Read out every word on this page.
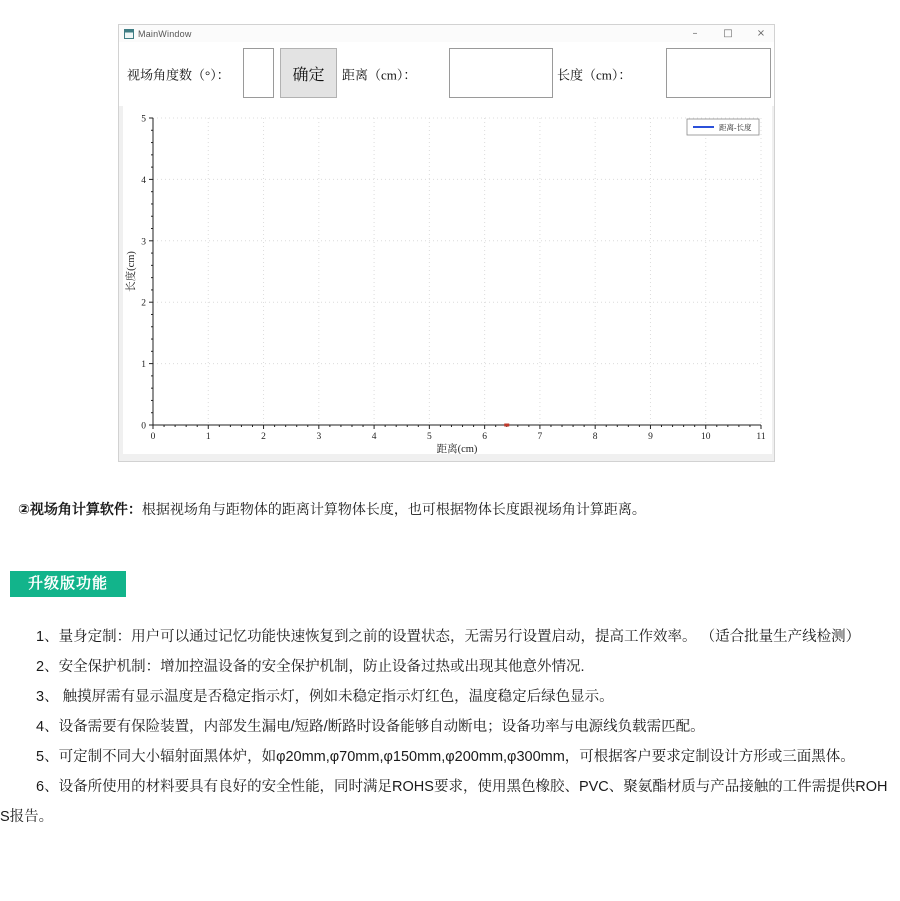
MainWindow	–	□ ×
视场角度数（°）：	确定	距离（cm）：	长度（cm）：
0	1	2	3	4	5	6	7	8	9	10	11
0
1
2
3
4
5
距离(cm)
长度(cm)
距离-长度

②视场角计算软件：根据视场角与距物体的距离计算物体长度，也可根据物体长度跟视场角计算距离。

升级版功能

1、量身定制：用户可以通过记忆功能快速恢复到之前的设置状态，无需另行设置启动，提高工作效率。 （适合批量生产线检测）

2、安全保护机制：增加控温设备的安全保护机制，防止设备过热或出现其他意外情况.

3、 触摸屏需有显示温度是否稳定指示灯，例如未稳定指示灯红色，温度稳定后绿色显示。

4、设备需要有保险装置，内部发生漏电/短路/断路时设备能够自动断电；设备功率与电源线负载需匹配。

5、可定制不同大小辐射面黑体炉，如φ20mm,φ70mm,φ150mm,φ200mm,φ300mm，可根据客户要求定制设计方形或三面黑体。

6、设备所使用的材料要具有良好的安全性能，同时满足ROHS要求，使用黑色橡胶、PVC、聚氨酯材质与产品接触的工件需提供ROHS报告。
